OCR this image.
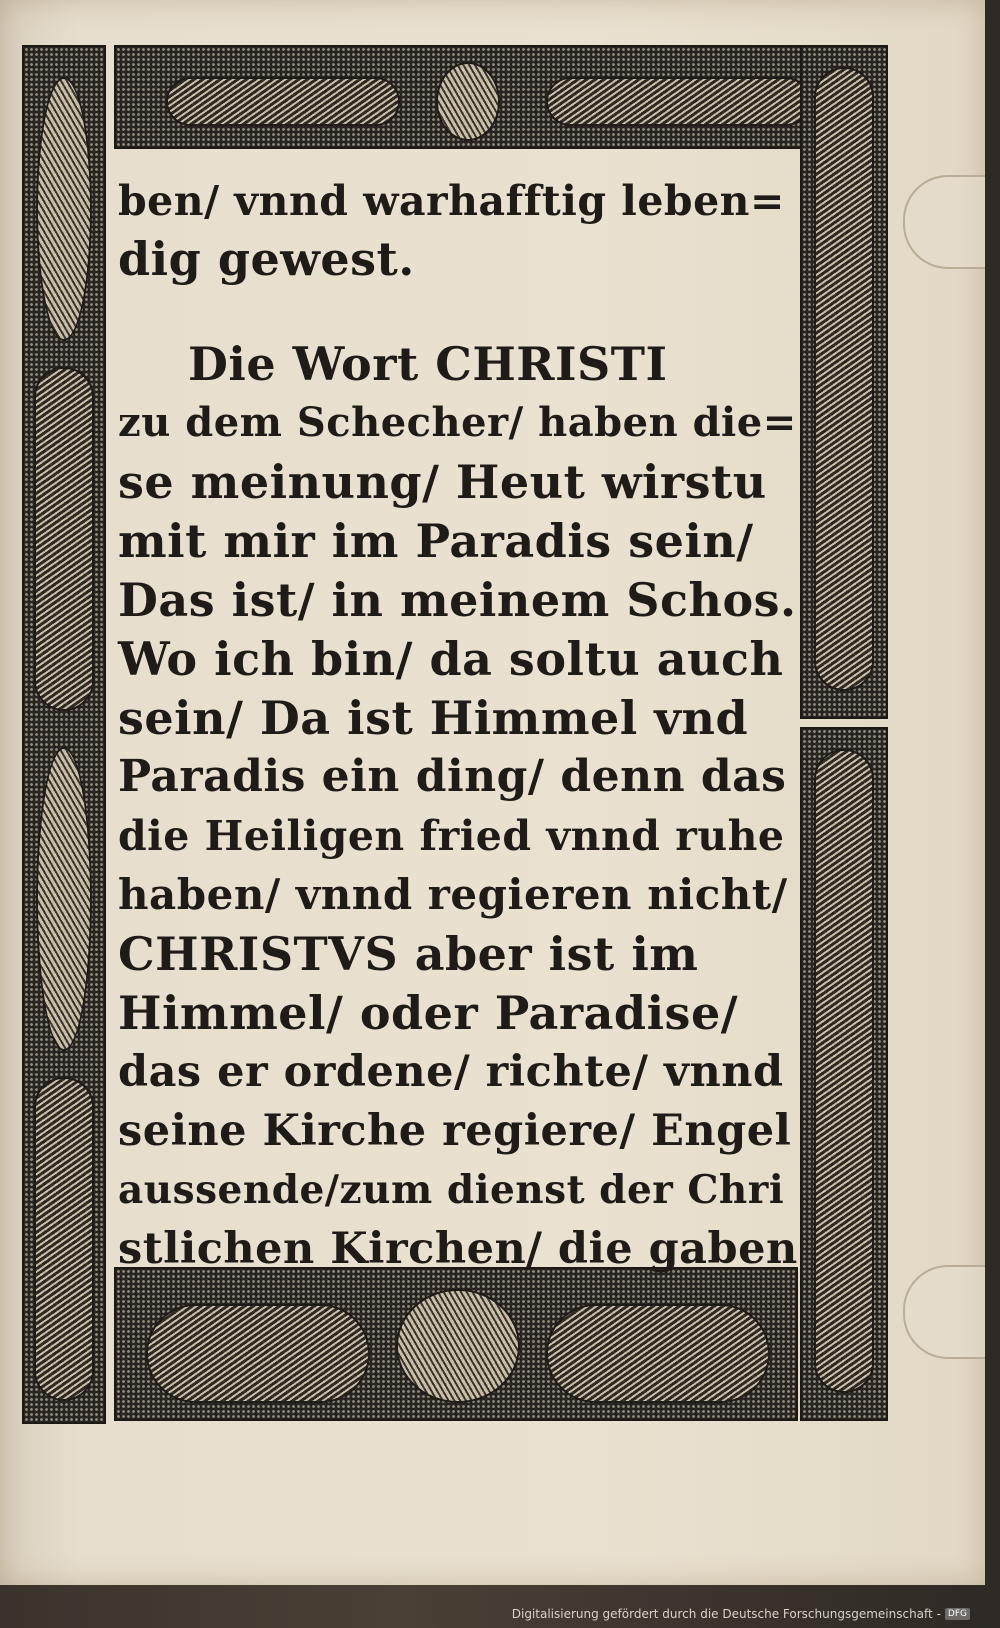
ben/ vnnd warhafftig leben=
dig gewest.
Die Wort CHRISTI
zu dem Schecher/ haben die=
se meinung/ Heut wirstu
mit mir im Paradis sein/
Das ist/ in meinem Schos.
Wo ich bin/ da soltu auch
sein/ Da ist Himmel vnd
Paradis ein ding/ denn das
die Heiligen fried vnnd ruhe
haben/ vnnd regieren nicht/
CHRISTVS aber ist im
Himmel/ oder Paradise/
das er ordene/ richte/ vnnd
seine Kirche regiere/ Engel
aussende/zum dienst der Chri
stlichen Kirchen/ die gaben
Digitalisierung gefördert durch die Deutsche Forschungsgemeinschaft - DFG
